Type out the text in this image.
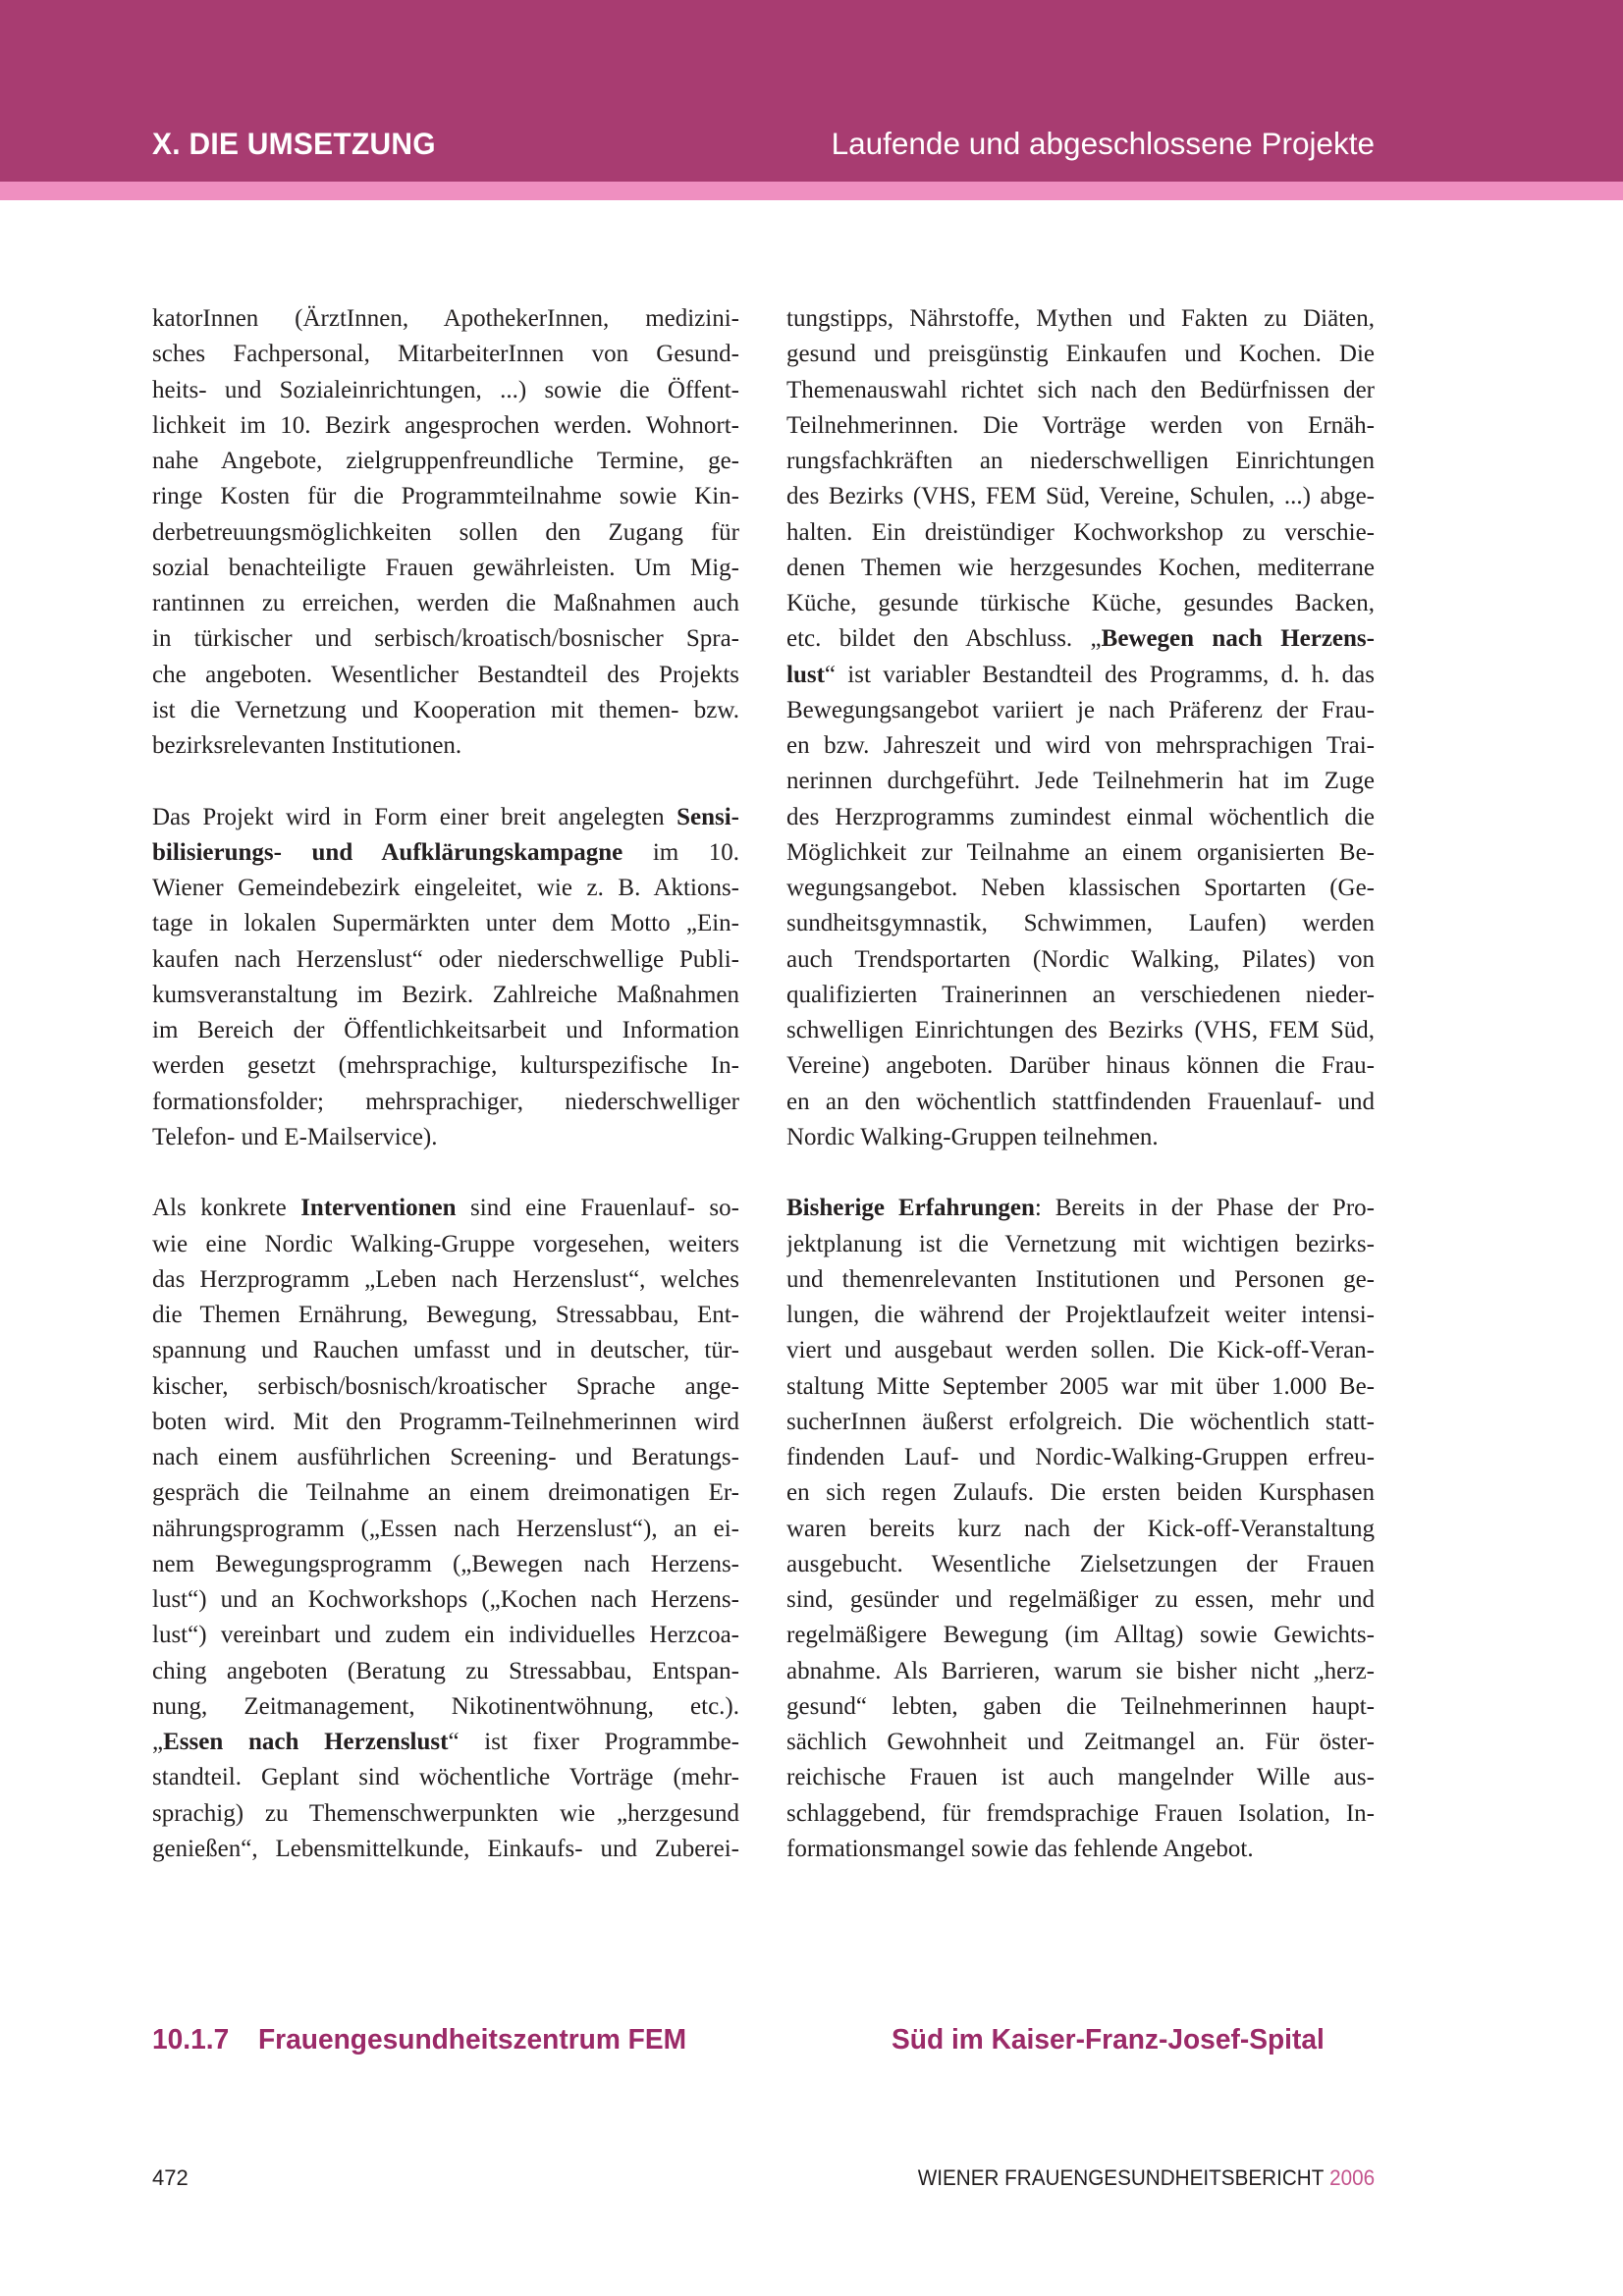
X. DIE UMSETZUNG	Laufende und abgeschlossene Projekte
katorInnen (ÄrztInnen, ApothekerInnen, medizini-
sches Fachpersonal, MitarbeiterInnen von Gesund-
heits- und Sozialeinrichtungen, ...) sowie die Öffent-
lichkeit im 10. Bezirk angesprochen werden. Wohnort-
nahe Angebote, zielgruppenfreundliche Termine, ge-
ringe Kosten für die Programmteilnahme sowie Kin-
derbetreuungsmöglichkeiten sollen den Zugang für
sozial benachteiligte Frauen gewährleisten. Um Mig-
rantinnen zu erreichen, werden die Maßnahmen auch
in türkischer und serbisch/kroatisch/bosnischer Spra-
che angeboten. Wesentlicher Bestandteil des Projekts
ist die Vernetzung und Kooperation mit themen- bzw.
bezirksrelevanten Institutionen.
Das Projekt wird in Form einer breit angelegten Sensi-
bilisierungs- und Aufklärungskampagne im 10.
Wiener Gemeindebezirk eingeleitet, wie z. B. Aktions-
tage in lokalen Supermärkten unter dem Motto „Ein-
kaufen nach Herzenslust“ oder niederschwellige Publi-
kumsveranstaltung im Bezirk. Zahlreiche Maßnahmen
im Bereich der Öffentlichkeitsarbeit und Information
werden gesetzt (mehrsprachige, kulturspezifische In-
formationsfolder; mehrsprachiger, niederschwelliger
Telefon- und E-Mailservice).
Als konkrete Interventionen sind eine Frauenlauf- so-
wie eine Nordic Walking-Gruppe vorgesehen, weiters
das Herzprogramm „Leben nach Herzenslust“, welches
die Themen Ernährung, Bewegung, Stressabbau, Ent-
spannung und Rauchen umfasst und in deutscher, tür-
kischer, serbisch/bosnisch/kroatischer Sprache ange-
boten wird. Mit den Programm-Teilnehmerinnen wird
nach einem ausführlichen Screening- und Beratungs-
gespräch die Teilnahme an einem dreimonatigen Er-
nährungsprogramm („Essen nach Herzenslust“), an ei-
nem Bewegungsprogramm („Bewegen nach Herzens-
lust“) und an Kochworkshops („Kochen nach Herzens-
lust“) vereinbart und zudem ein individuelles Herzcoa-
ching angeboten (Beratung zu Stressabbau, Entspan-
nung, Zeitmanagement, Nikotinentwöhnung, etc.).
„Essen nach Herzenslust“ ist fixer Programmbe-
standteil. Geplant sind wöchentliche Vorträge (mehr-
sprachig) zu Themenschwerpunkten wie „herzgesund
genießen“, Lebensmittelkunde, Einkaufs- und Zuberei-
tungstipps, Nährstoffe, Mythen und Fakten zu Diäten,
gesund und preisgünstig Einkaufen und Kochen. Die
Themenauswahl richtet sich nach den Bedürfnissen der
Teilnehmerinnen. Die Vorträge werden von Ernäh-
rungsfachkräften an niederschwelligen Einrichtungen
des Bezirks (VHS, FEM Süd, Vereine, Schulen, ...) abge-
halten. Ein dreistündiger Kochworkshop zu verschie-
denen Themen wie herzgesundes Kochen, mediterrane
Küche, gesunde türkische Küche, gesundes Backen,
etc. bildet den Abschluss. „Bewegen nach Herzens-
lust“ ist variabler Bestandteil des Programms, d. h. das
Bewegungsangebot variiert je nach Präferenz der Frau-
en bzw. Jahreszeit und wird von mehrsprachigen Trai-
nerinnen durchgeführt. Jede Teilnehmerin hat im Zuge
des Herzprogramms zumindest einmal wöchentlich die
Möglichkeit zur Teilnahme an einem organisierten Be-
wegungsangebot. Neben klassischen Sportarten (Ge-
sundheitsgymnastik, Schwimmen, Laufen) werden
auch Trendsportarten (Nordic Walking, Pilates) von
qualifizierten Trainerinnen an verschiedenen nieder-
schwelligen Einrichtungen des Bezirks (VHS, FEM Süd,
Vereine) angeboten. Darüber hinaus können die Frau-
en an den wöchentlich stattfindenden Frauenlauf- und
Nordic Walking-Gruppen teilnehmen.
Bisherige Erfahrungen: Bereits in der Phase der Pro-
jektplanung ist die Vernetzung mit wichtigen bezirks-
und themenrelevanten Institutionen und Personen ge-
lungen, die während der Projektlaufzeit weiter intensi-
viert und ausgebaut werden sollen. Die Kick-off-Veran-
staltung Mitte September 2005 war mit über 1.000 Be-
sucherInnen äußerst erfolgreich. Die wöchentlich statt-
findenden Lauf- und Nordic-Walking-Gruppen erfreu-
en sich regen Zulaufs. Die ersten beiden Kursphasen
waren bereits kurz nach der Kick-off-Veranstaltung
ausgebucht. Wesentliche Zielsetzungen der Frauen
sind, gesünder und regelmäßiger zu essen, mehr und
regelmäßigere Bewegung (im Alltag) sowie Gewichts-
abnahme. Als Barrieren, warum sie bisher nicht „herz-
gesund“ lebten, gaben die Teilnehmerinnen haupt-
sächlich Gewohnheit und Zeitmangel an. Für öster-
reichische Frauen ist auch mangelnder Wille aus-
schlaggebend, für fremdsprachige Frauen Isolation, In-
formationsmangel sowie das fehlende Angebot.
10.1.7 Frauengesundheitszentrum FEM	Süd im Kaiser-Franz-Josef-Spital
472	WIENER FRAUENGESUNDHEITSBERICHT 2006
